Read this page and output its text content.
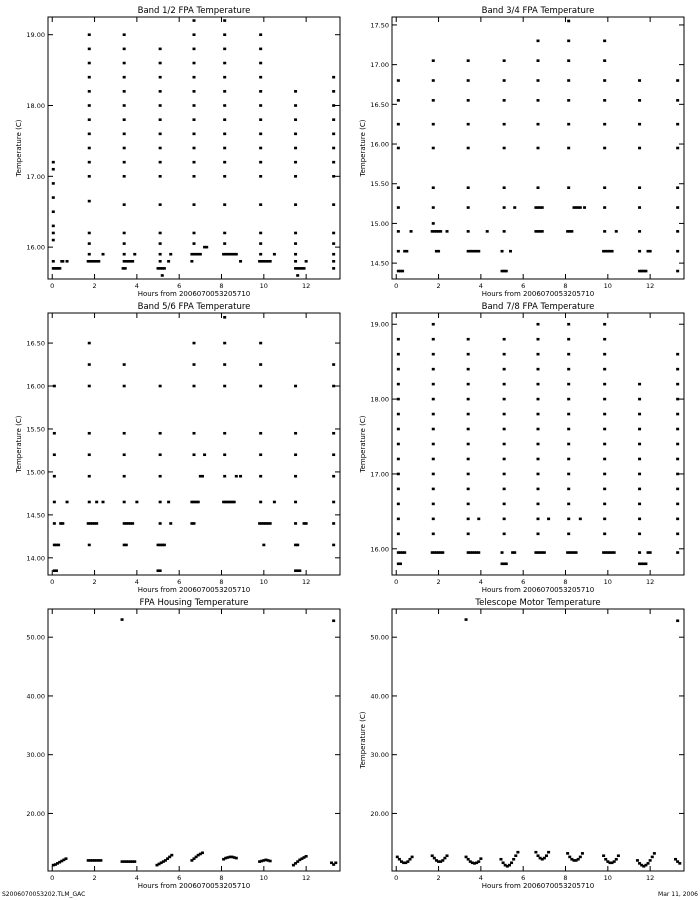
Band 1/2 FPA Temperature
Hours from 2006070053205710
Temperature (C)
0	2	4	6	8	10	12
16.00
17.00
18.00
19.00
Band 3/4 FPA Temperature
Hours from 2006070053205710
Temperature (C)
0	2	4	6	8	10	12
14.50
15.00
15.50
16.00
16.50
17.00
17.50
Band 5/6 FPA Temperature
Hours from 2006070053205710
Temperature (C)
0	2	4	6	8	10	12
14.00
14.50
15.00
15.50
16.00
16.50
Band 7/8 FPA Temperature
Hours from 2006070053205710
Temperature (C)
0	2	4	6	8	10	12
16.00
17.00
18.00
19.00
FPA Housing Temperature
Hours from 2006070053205710
0	2	4	6	8	10	12
20.00
30.00
40.00
50.00
Telescope Motor Temperature
Hours from 2006070053205710
Temperature (C)
0	2	4	6	8	10	12
20.00
30.00
40.00
50.00
S2006070053202.TLM_GAC	Mar 11, 2006
